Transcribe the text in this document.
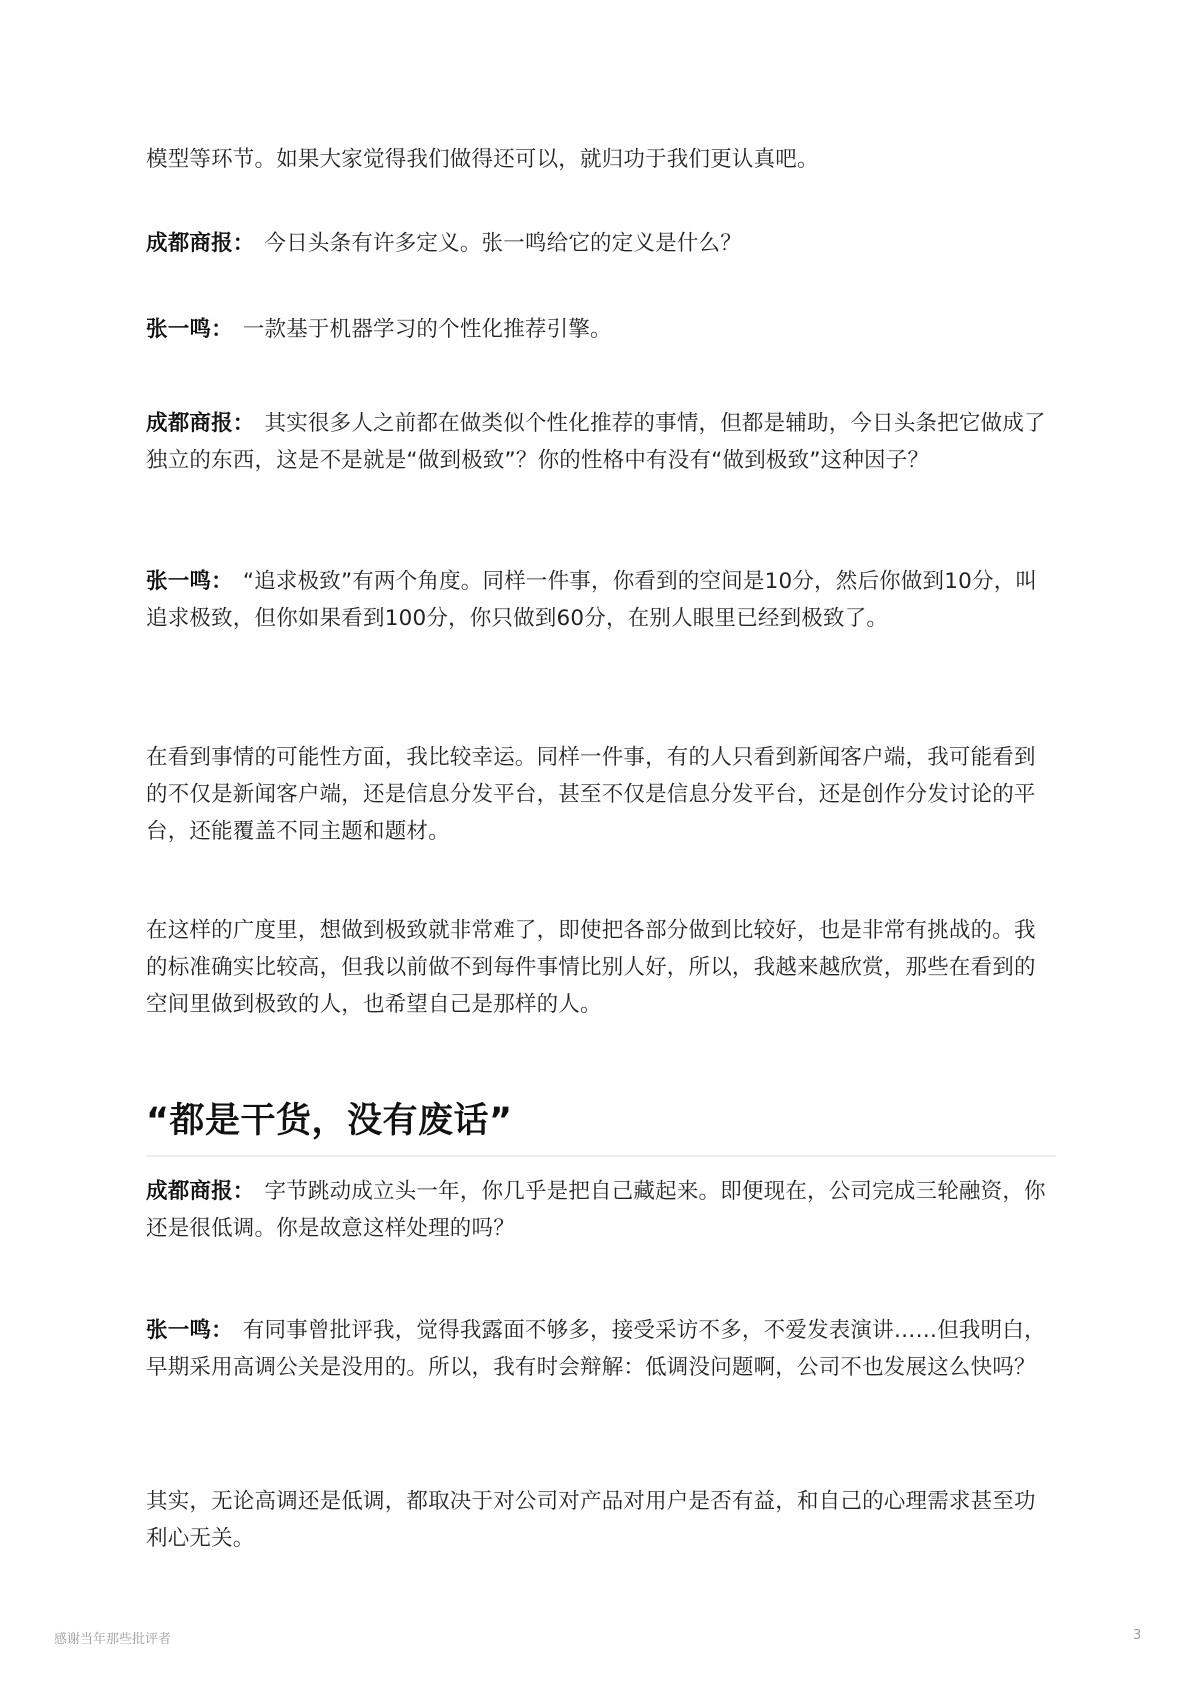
模型等环节。如果大家觉得我们做得还可以，就归功于我们更认真吧。

成都商报： 今日头条有许多定义。张一鸣给它的定义是什么？

张一鸣： 一款基于机器学习的个性化推荐引擎。

成都商报： 其实很多人之前都在做类似个性化推荐的事情，但都是辅助，今日头条把它做成了独立的东西，这是不是就是“做到极致”？你的性格中有没有“做到极致”这种因子？

张一鸣： “追求极致”有两个角度。同样一件事，你看到的空间是10分，然后你做到10分，叫追求极致，但你如果看到100分，你只做到60分，在别人眼里已经到极致了。

在看到事情的可能性方面，我比较幸运。同样一件事，有的人只看到新闻客户端，我可能看到的不仅是新闻客户端，还是信息分发平台，甚至不仅是信息分发平台，还是创作分发讨论的平台，还能覆盖不同主题和题材。

在这样的广度里，想做到极致就非常难了，即使把各部分做到比较好，也是非常有挑战的。我的标准确实比较高，但我以前做不到每件事情比别人好，所以，我越来越欣赏，那些在看到的空间里做到极致的人，也希望自己是那样的人。

“都是干货，没有废话”

成都商报： 字节跳动成立头一年，你几乎是把自己藏起来。即便现在，公司完成三轮融资，你还是很低调。你是故意这样处理的吗？

张一鸣： 有同事曾批评我，觉得我露面不够多，接受采访不多，不爱发表演讲……但我明白，早期采用高调公关是没用的。所以，我有时会辩解：低调没问题啊，公司不也发展这么快吗？

其实，无论高调还是低调，都取决于对公司对产品对用户是否有益，和自己的心理需求甚至功利心无关。

感谢当年那些批评者	3
